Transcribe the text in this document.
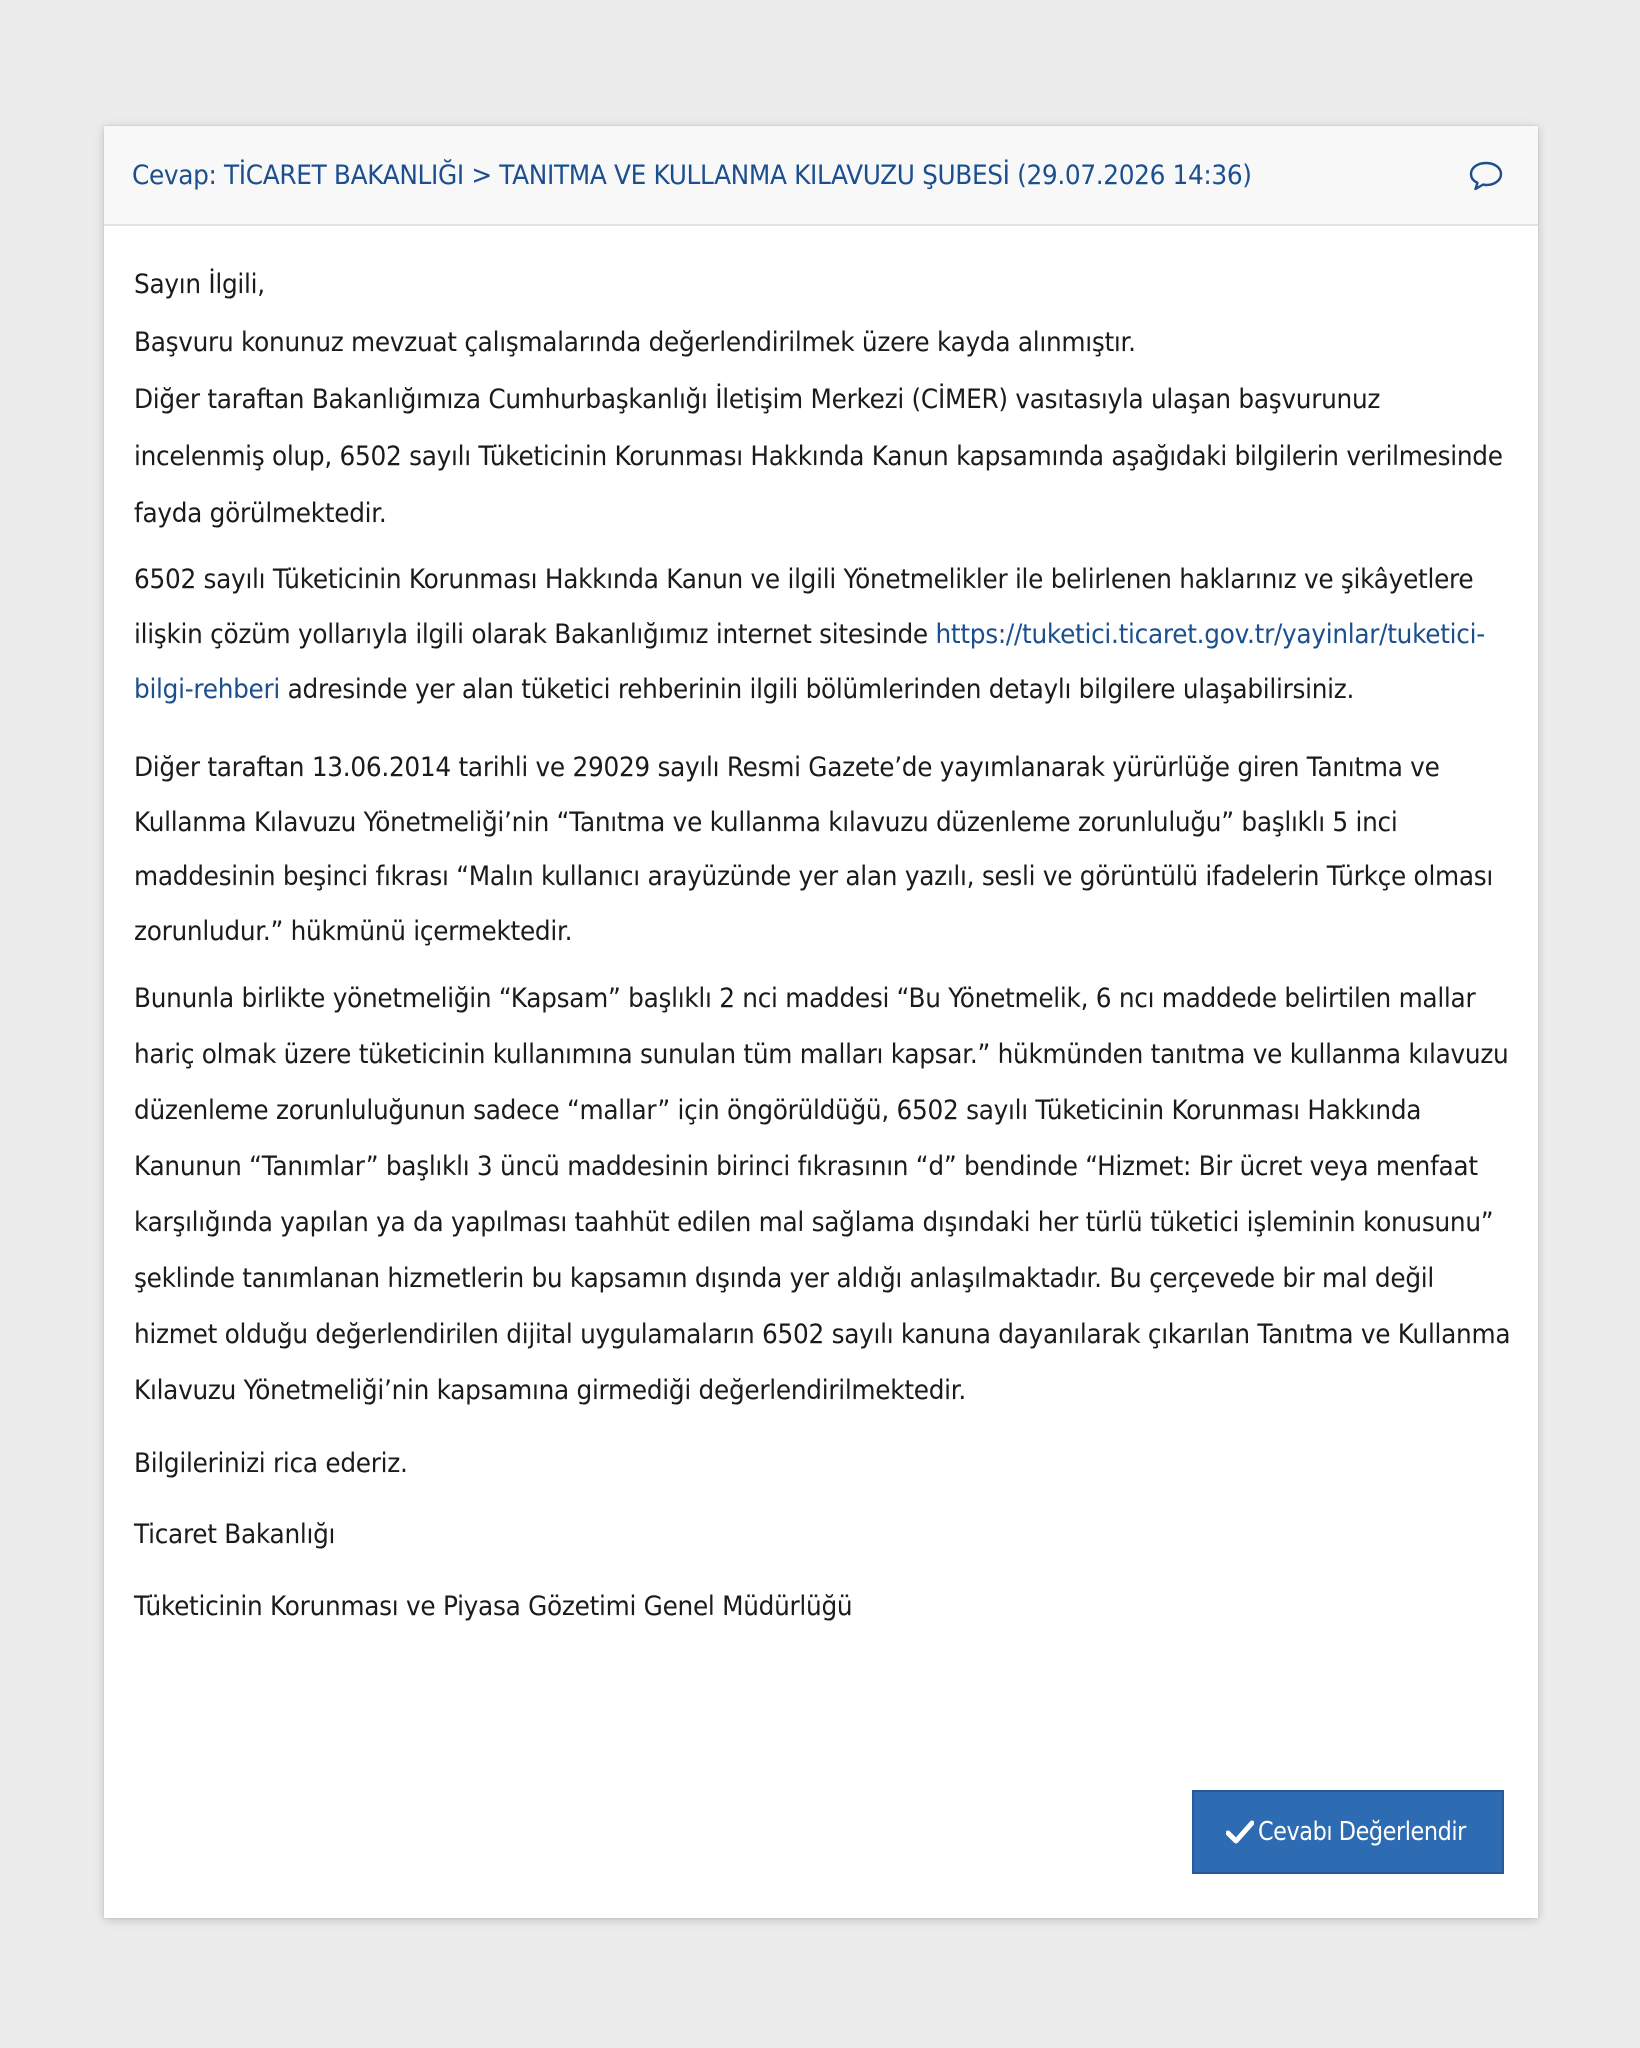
Cevap: TİCARET BAKANLIĞI > TANITMA VE KULLANMA KILAVUZU ŞUBESİ (29.07.2026 14:36)

Sayın İlgili,

Başvuru konunuz mevzuat çalışmalarında değerlendirilmek üzere kayda alınmıştır.

Diğer taraftan Bakanlığımıza Cumhurbaşkanlığı İletişim Merkezi (CİMER) vasıtasıyla ulaşan başvurunuz incelenmiş olup, 6502 sayılı Tüketicinin Korunması Hakkında Kanun kapsamında aşağıdaki bilgilerin verilmesinde fayda görülmektedir.

6502 sayılı Tüketicinin Korunması Hakkında Kanun ve ilgili Yönetmelikler ile belirlenen haklarınız ve şikâyetlere ilişkin çözüm yollarıyla ilgili olarak Bakanlığımız internet sitesinde https://tuketici.ticaret.gov.tr/yayinlar/tuketici-bilgi-rehberi adresinde yer alan tüketici rehberinin ilgili bölümlerinden detaylı bilgilere ulaşabilirsiniz.

Diğer taraftan 13.06.2014 tarihli ve 29029 sayılı Resmi Gazete’de yayımlanarak yürürlüğe giren Tanıtma ve Kullanma Kılavuzu Yönetmeliği’nin “Tanıtma ve kullanma kılavuzu düzenleme zorunluluğu” başlıklı 5 inci maddesinin beşinci fıkrası “Malın kullanıcı arayüzünde yer alan yazılı, sesli ve görüntülü ifadelerin Türkçe olması zorunludur.” hükmünü içermektedir.

Bununla birlikte yönetmeliğin “Kapsam” başlıklı 2 nci maddesi “Bu Yönetmelik, 6 ncı maddede belirtilen mallar hariç olmak üzere tüketicinin kullanımına sunulan tüm malları kapsar.” hükmünden tanıtma ve kullanma kılavuzu düzenleme zorunluluğunun sadece “mallar” için öngörüldüğü, 6502 sayılı Tüketicinin Korunması Hakkında Kanunun “Tanımlar” başlıklı 3 üncü maddesinin birinci fıkrasının “d” bendinde “Hizmet: Bir ücret veya menfaat karşılığında yapılan ya da yapılması taahhüt edilen mal sağlama dışındaki her türlü tüketici işleminin konusunu” şeklinde tanımlanan hizmetlerin bu kapsamın dışında yer aldığı anlaşılmaktadır. Bu çerçevede bir mal değil hizmet olduğu değerlendirilen dijital uygulamaların 6502 sayılı kanuna dayanılarak çıkarılan Tanıtma ve Kullanma Kılavuzu Yönetmeliği’nin kapsamına girmediği değerlendirilmektedir.

Bilgilerinizi rica ederiz.

Ticaret Bakanlığı

Tüketicinin Korunması ve Piyasa Gözetimi Genel Müdürlüğü

Cevabı Değerlendir
